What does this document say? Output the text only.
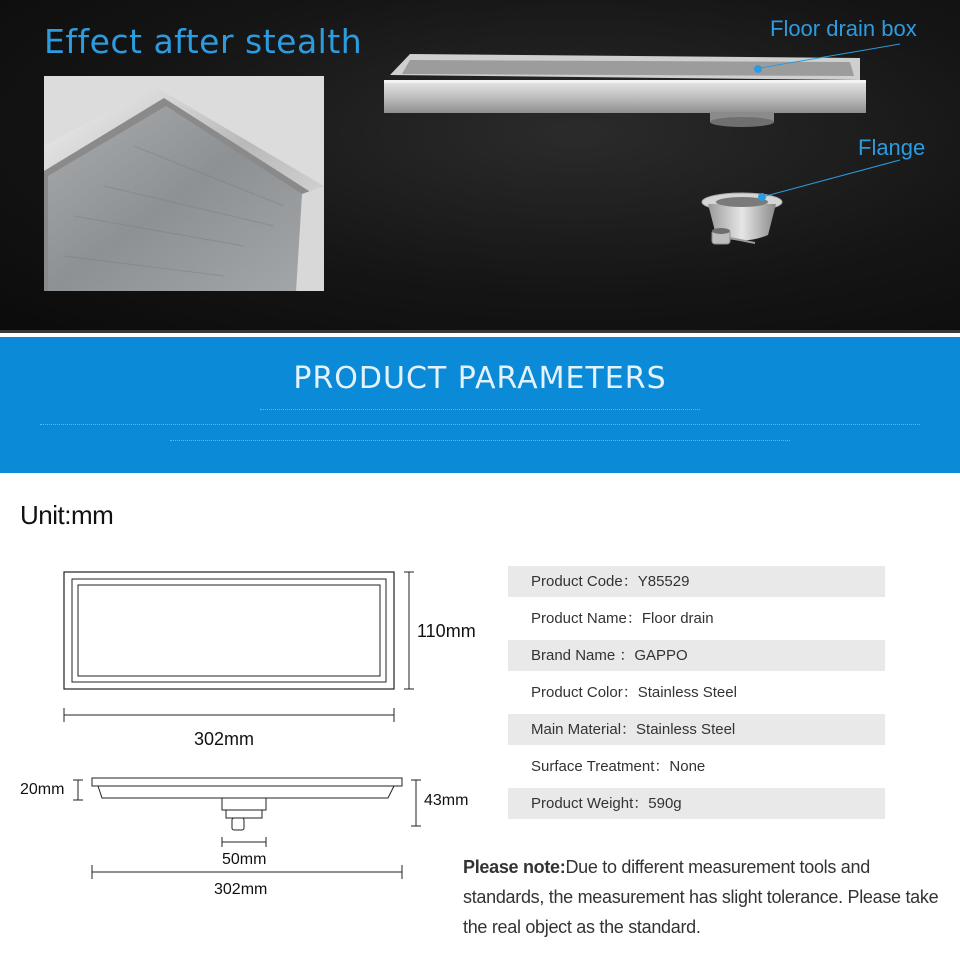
Effect after stealth	Floor drain box
Flange
PRODUCT PARAMETERS
Unit:mm
110mm
302mm
20mm
43mm
50mm
302mm
Product Code：Y85529
Product Name：Floor drain
Brand Name ：GAPPO
Product Color：Stainless Steel
Main Material：Stainless Steel
Surface Treatment：None
Product Weight：590g
Please note:Due to different measurement tools and standards, the measurement has slight tolerance. Please take the real object as the standard.
